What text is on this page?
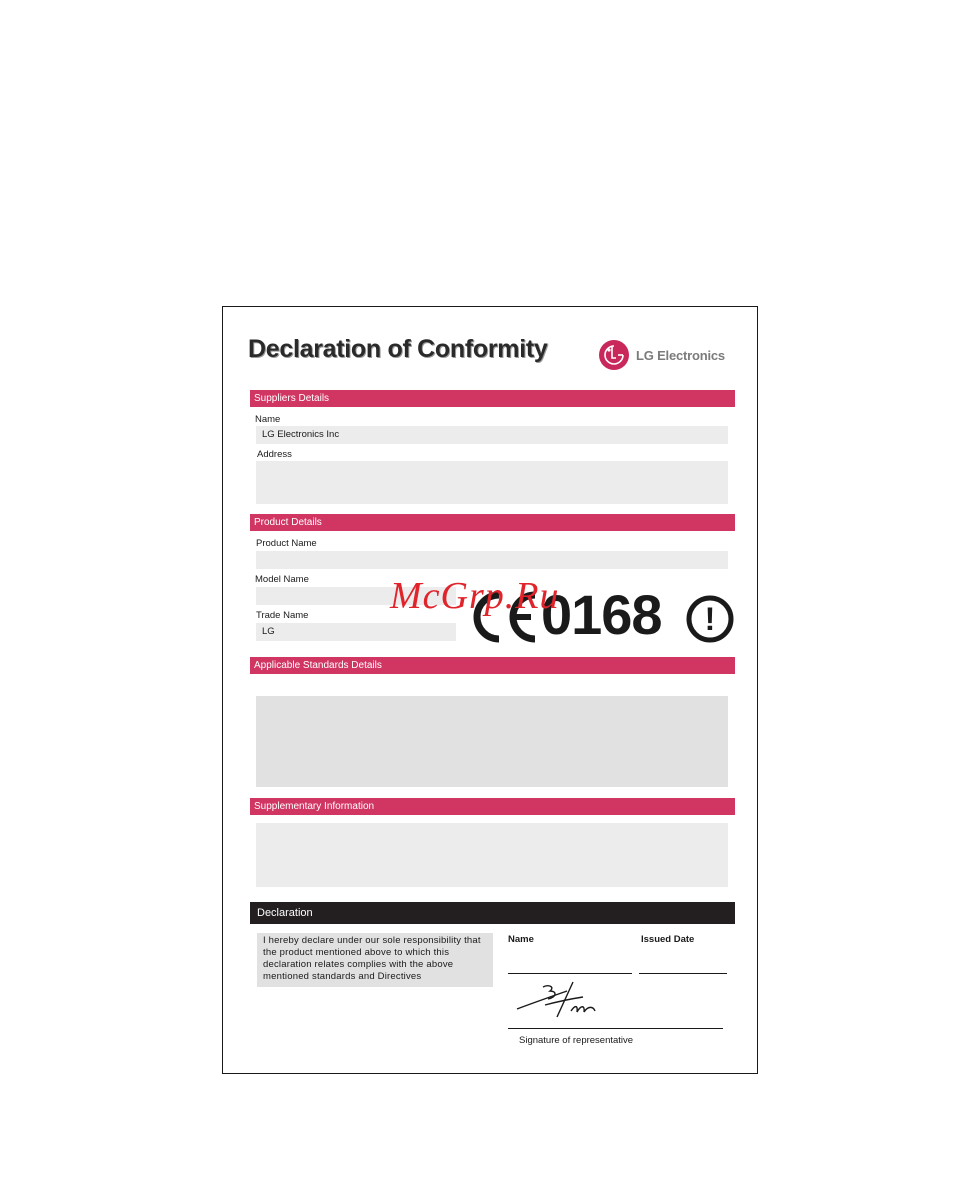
Declaration of Conformity	LG Electronics
Suppliers Details
Name
LG Electronics Inc
Address
Product Details
Product Name
Model Name
Trade Name
LG	0168 !
Applicable Standards Details
Supplementary Information
Declaration
I hereby declare under our sole responsibility that the product mentioned above to which this declaration relates complies with the above mentioned standards and Directives
Name	Issued Date
Signature of representative
McGrp.Ru
